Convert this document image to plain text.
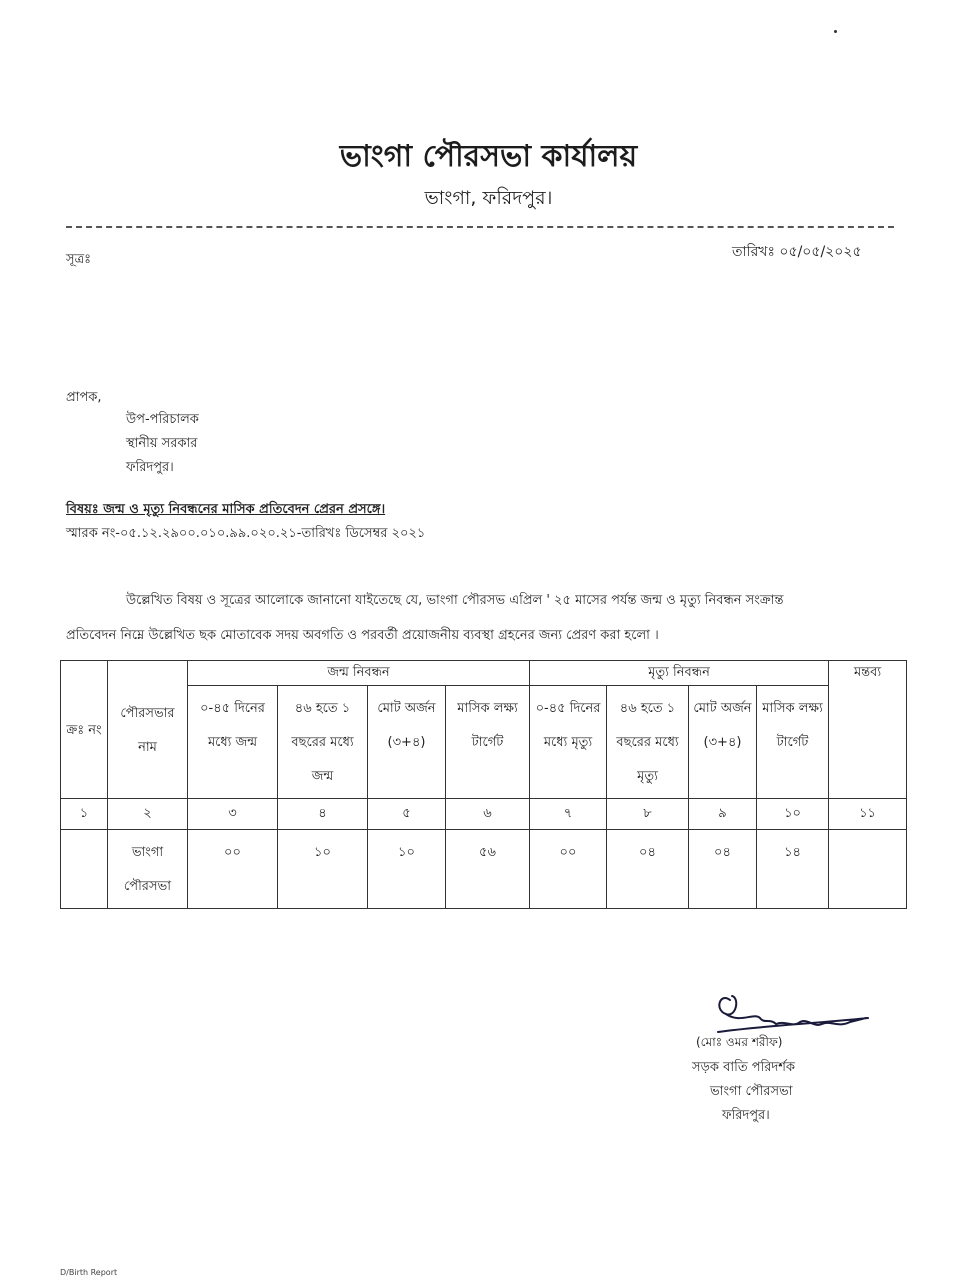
ভাংগা পৌরসভা কার্যালয়
ভাংগা, ফরিদপুর।
সূত্রঃ	তারিখঃ ০৫/০৫/২০২৫
প্রাপক,
উপ-পরিচালক
স্থানীয় সরকার
ফরিদপুর।
বিষয়ঃ জন্ম ও মৃত্যু নিবন্ধনের মাসিক প্রতিবেদন প্রেরন প্রসঙ্গে।
স্মারক নং-০৫.১২.২৯০০.০১০.৯৯.০২০.২১-তারিখঃ ডিসেম্বর ২০২১
উল্লেখিত বিষয় ও সূত্রের আলোকে জানানো যাইতেছে যে, ভাংগা পৌরসভ এপ্রিল ' ২৫ মাসের পর্যন্ত জন্ম ও মৃত্যু নিবন্ধন সংক্রান্ত
প্রতিবেদন নিম্নে উল্লেখিত ছক মোতাবেক সদয় অবগতি ও পরবর্তী প্রয়োজনীয় ব্যবস্থা গ্রহনের জন্য প্রেরণ করা হলো ।
ক্রঃ নং	পৌরসভার নাম	জন্ম নিবন্ধন				মৃত্যু নিবন্ধন				মন্তব্য
		০-৪৫ দিনের মধ্যে জন্ম	৪৬ হতে ১ বছরের মধ্যে জন্ম	মোট অর্জন (৩+৪)	মাসিক লক্ষ্য টার্গেট	০-৪৫ দিনের মধ্যে মৃত্যু	৪৬ হতে ১ বছরের মধ্যে মৃত্যু	মোট অর্জন (৩+৪)	মাসিক লক্ষ্য টার্গেট	
১	২	৩	৪	৫	৬	৭	৮	৯	১০	১১
	ভাংগা পৌরসভা	০০	১০	১০	৫৬	০০	০৪	০৪	১৪	
(মোঃ ওমর শরীফ)
সড়ক বাতি পরিদর্শক
ভাংগা পৌরসভা
ফরিদপুর।
D/Birth Report
